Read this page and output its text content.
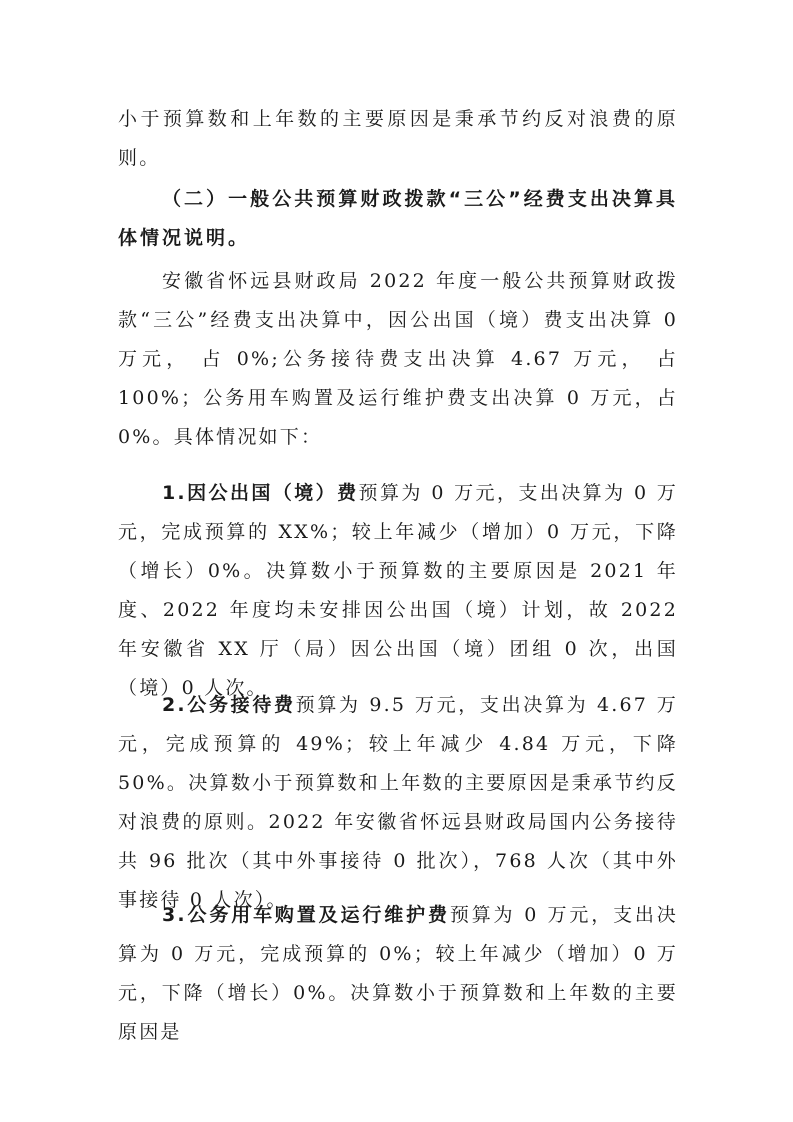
小于预算数和上年数的主要原因是秉承节约反对浪费的原则。

（二）一般公共预算财政拨款“三公”经费支出决算具体情况说明。

安徽省怀远县财政局 2022 年度一般公共预算财政拨款“三公”经费支出决算中，因公出国（境）费支出决算 0 万元， 占 0%;公务接待费支出决算 4.67 万元， 占 100%；公务用车购置及运行维护费支出决算 0 万元，占 0%。具体情况如下：

1.因公出国（境）费预算为 0 万元，支出决算为 0 万元，完成预算的 XX%；较上年减少（增加）0 万元，下降（增长）0%。决算数小于预算数的主要原因是 2021 年度、2022 年度均未安排因公出国（境）计划，故 2022 年安徽省 XX 厅（局）因公出国（境）团组 0 次，出国（境）0 人次。

2.公务接待费预算为 9.5 万元，支出决算为 4.67 万元，完成预算的 49%；较上年减少 4.84 万元，下降 50%。决算数小于预算数和上年数的主要原因是秉承节约反对浪费的原则。2022 年安徽省怀远县财政局国内公务接待共 96 批次（其中外事接待 0 批次），768 人次（其中外事接待 0 人次）。

3.公务用车购置及运行维护费预算为 0 万元，支出决算为 0 万元，完成预算的 0%；较上年减少（增加）0 万元，下降（增长）0%。决算数小于预算数和上年数的主要原因是
